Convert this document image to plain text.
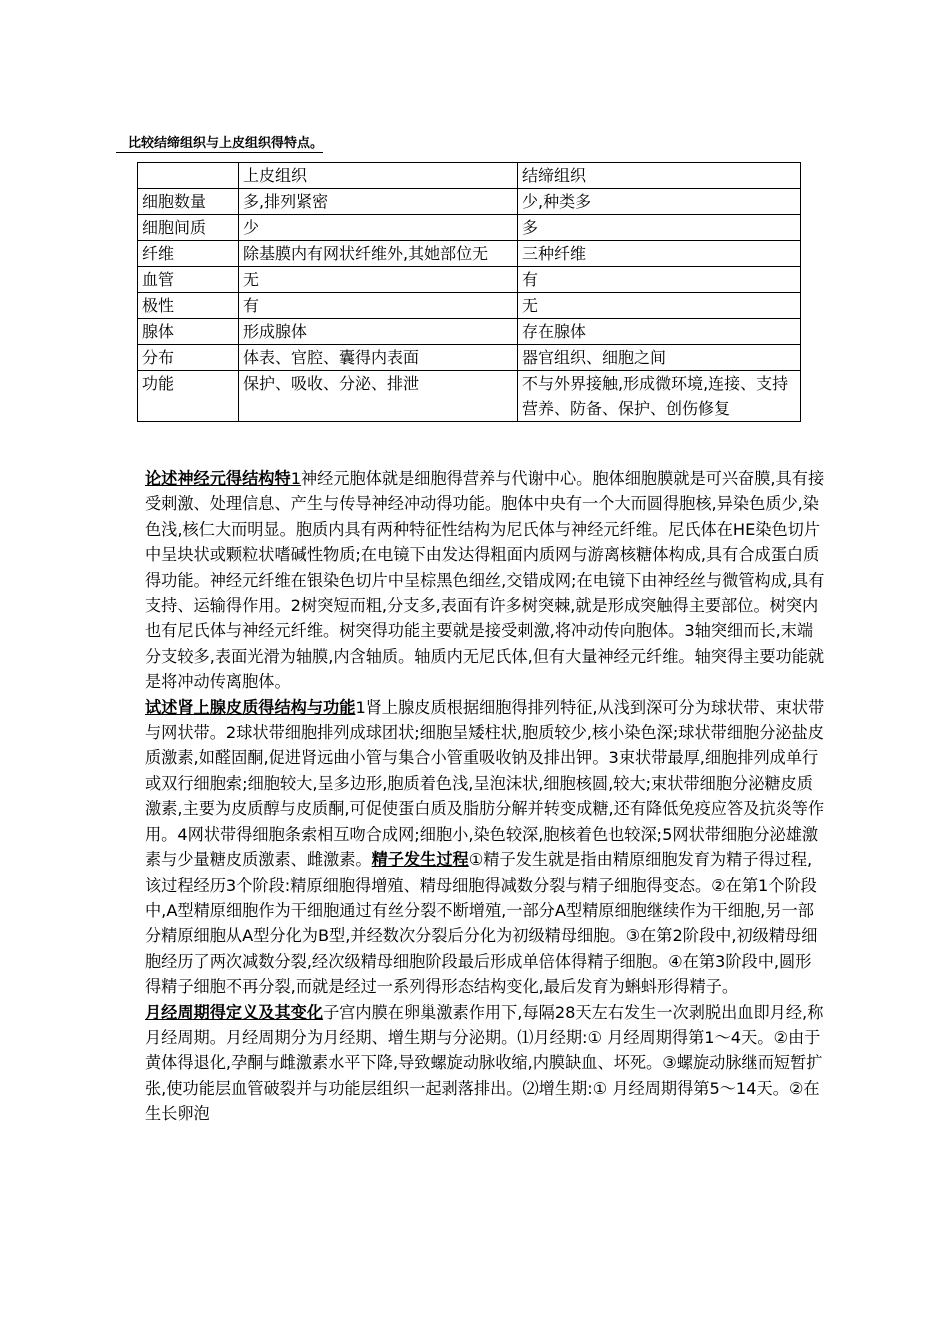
比较结缔组织与上皮组织得特点。
	上皮组织	结缔组织
细胞数量	多,排列紧密	少,种类多
细胞间质	少	多
纤维	除基膜内有网状纤维外,其她部位无	三种纤维
血管	无	有
极性	有	无
腺体	形成腺体	存在腺体
分布	体表、官腔、囊得内表面	器官组织、细胞之间
功能	保护、吸收、分泌、排泄	不与外界接触,形成微环境,连接、支持营养、防备、保护、创伤修复

论述神经元得结构特1神经元胞体就是细胞得营养与代谢中心。胞体细胞膜就是可兴奋膜,具有接受刺激、处理信息、产生与传导神经冲动得功能。胞体中央有一个大而圆得胞核,异染色质少,染色浅,核仁大而明显。胞质内具有两种特征性结构为尼氏体与神经元纤维。尼氏体在HE染色切片中呈块状或颗粒状嗜碱性物质;在电镜下由发达得粗面内质网与游离核糖体构成,具有合成蛋白质得功能。神经元纤维在银染色切片中呈棕黑色细丝,交错成网;在电镜下由神经丝与微管构成,具有支持、运输得作用。2树突短而粗,分支多,表面有许多树突棘,就是形成突触得主要部位。树突内也有尼氏体与神经元纤维。树突得功能主要就是接受刺激,将冲动传向胞体。3轴突细而长,末端分支较多,表面光滑为轴膜,内含轴质。轴质内无尼氏体,但有大量神经元纤维。轴突得主要功能就是将冲动传离胞体。

试述肾上腺皮质得结构与功能1肾上腺皮质根据细胞得排列特征,从浅到深可分为球状带、束状带与网状带。2球状带细胞排列成球团状;细胞呈矮柱状,胞质较少,核小染色深;球状带细胞分泌盐皮质激素,如醛固酮,促进肾远曲小管与集合小管重吸收钠及排出钾。3束状带最厚,细胞排列成单行或双行细胞索;细胞较大,呈多边形,胞质着色浅,呈泡沫状,细胞核圆,较大;束状带细胞分泌糖皮质激素,主要为皮质醇与皮质酮,可促使蛋白质及脂肪分解并转变成糖,还有降低免疫应答及抗炎等作用。4网状带得细胞条索相互吻合成网;细胞小,染色较深,胞核着色也较深;5网状带细胞分泌雄激素与少量糖皮质激素、雌激素。精子发生过程①精子发生就是指由精原细胞发育为精子得过程,该过程经历3个阶段:精原细胞得增殖、精母细胞得减数分裂与精子细胞得变态。②在第1个阶段中,A型精原细胞作为干细胞通过有丝分裂不断增殖,一部分A型精原细胞继续作为干细胞,另一部分精原细胞从A型分化为B型,并经数次分裂后分化为初级精母细胞。③在第2阶段中,初级精母细胞经历了两次减数分裂,经次级精母细胞阶段最后形成单倍体得精子细胞。④在第3阶段中,圆形得精子细胞不再分裂,而就是经过一系列得形态结构变化,最后发育为蝌蚪形得精子。

月经周期得定义及其变化子宫内膜在卵巢激素作用下,每隔28天左右发生一次剥脱出血即月经,称月经周期。月经周期分为月经期、增生期与分泌期。⑴月经期:① 月经周期得第1～4天。②由于黄体得退化,孕酮与雌激素水平下降,导致螺旋动脉收缩,内膜缺血、坏死。③螺旋动脉继而短暂扩张,使功能层血管破裂并与功能层组织一起剥落排出。⑵增生期:① 月经周期得第5～14天。②在生长卵泡
